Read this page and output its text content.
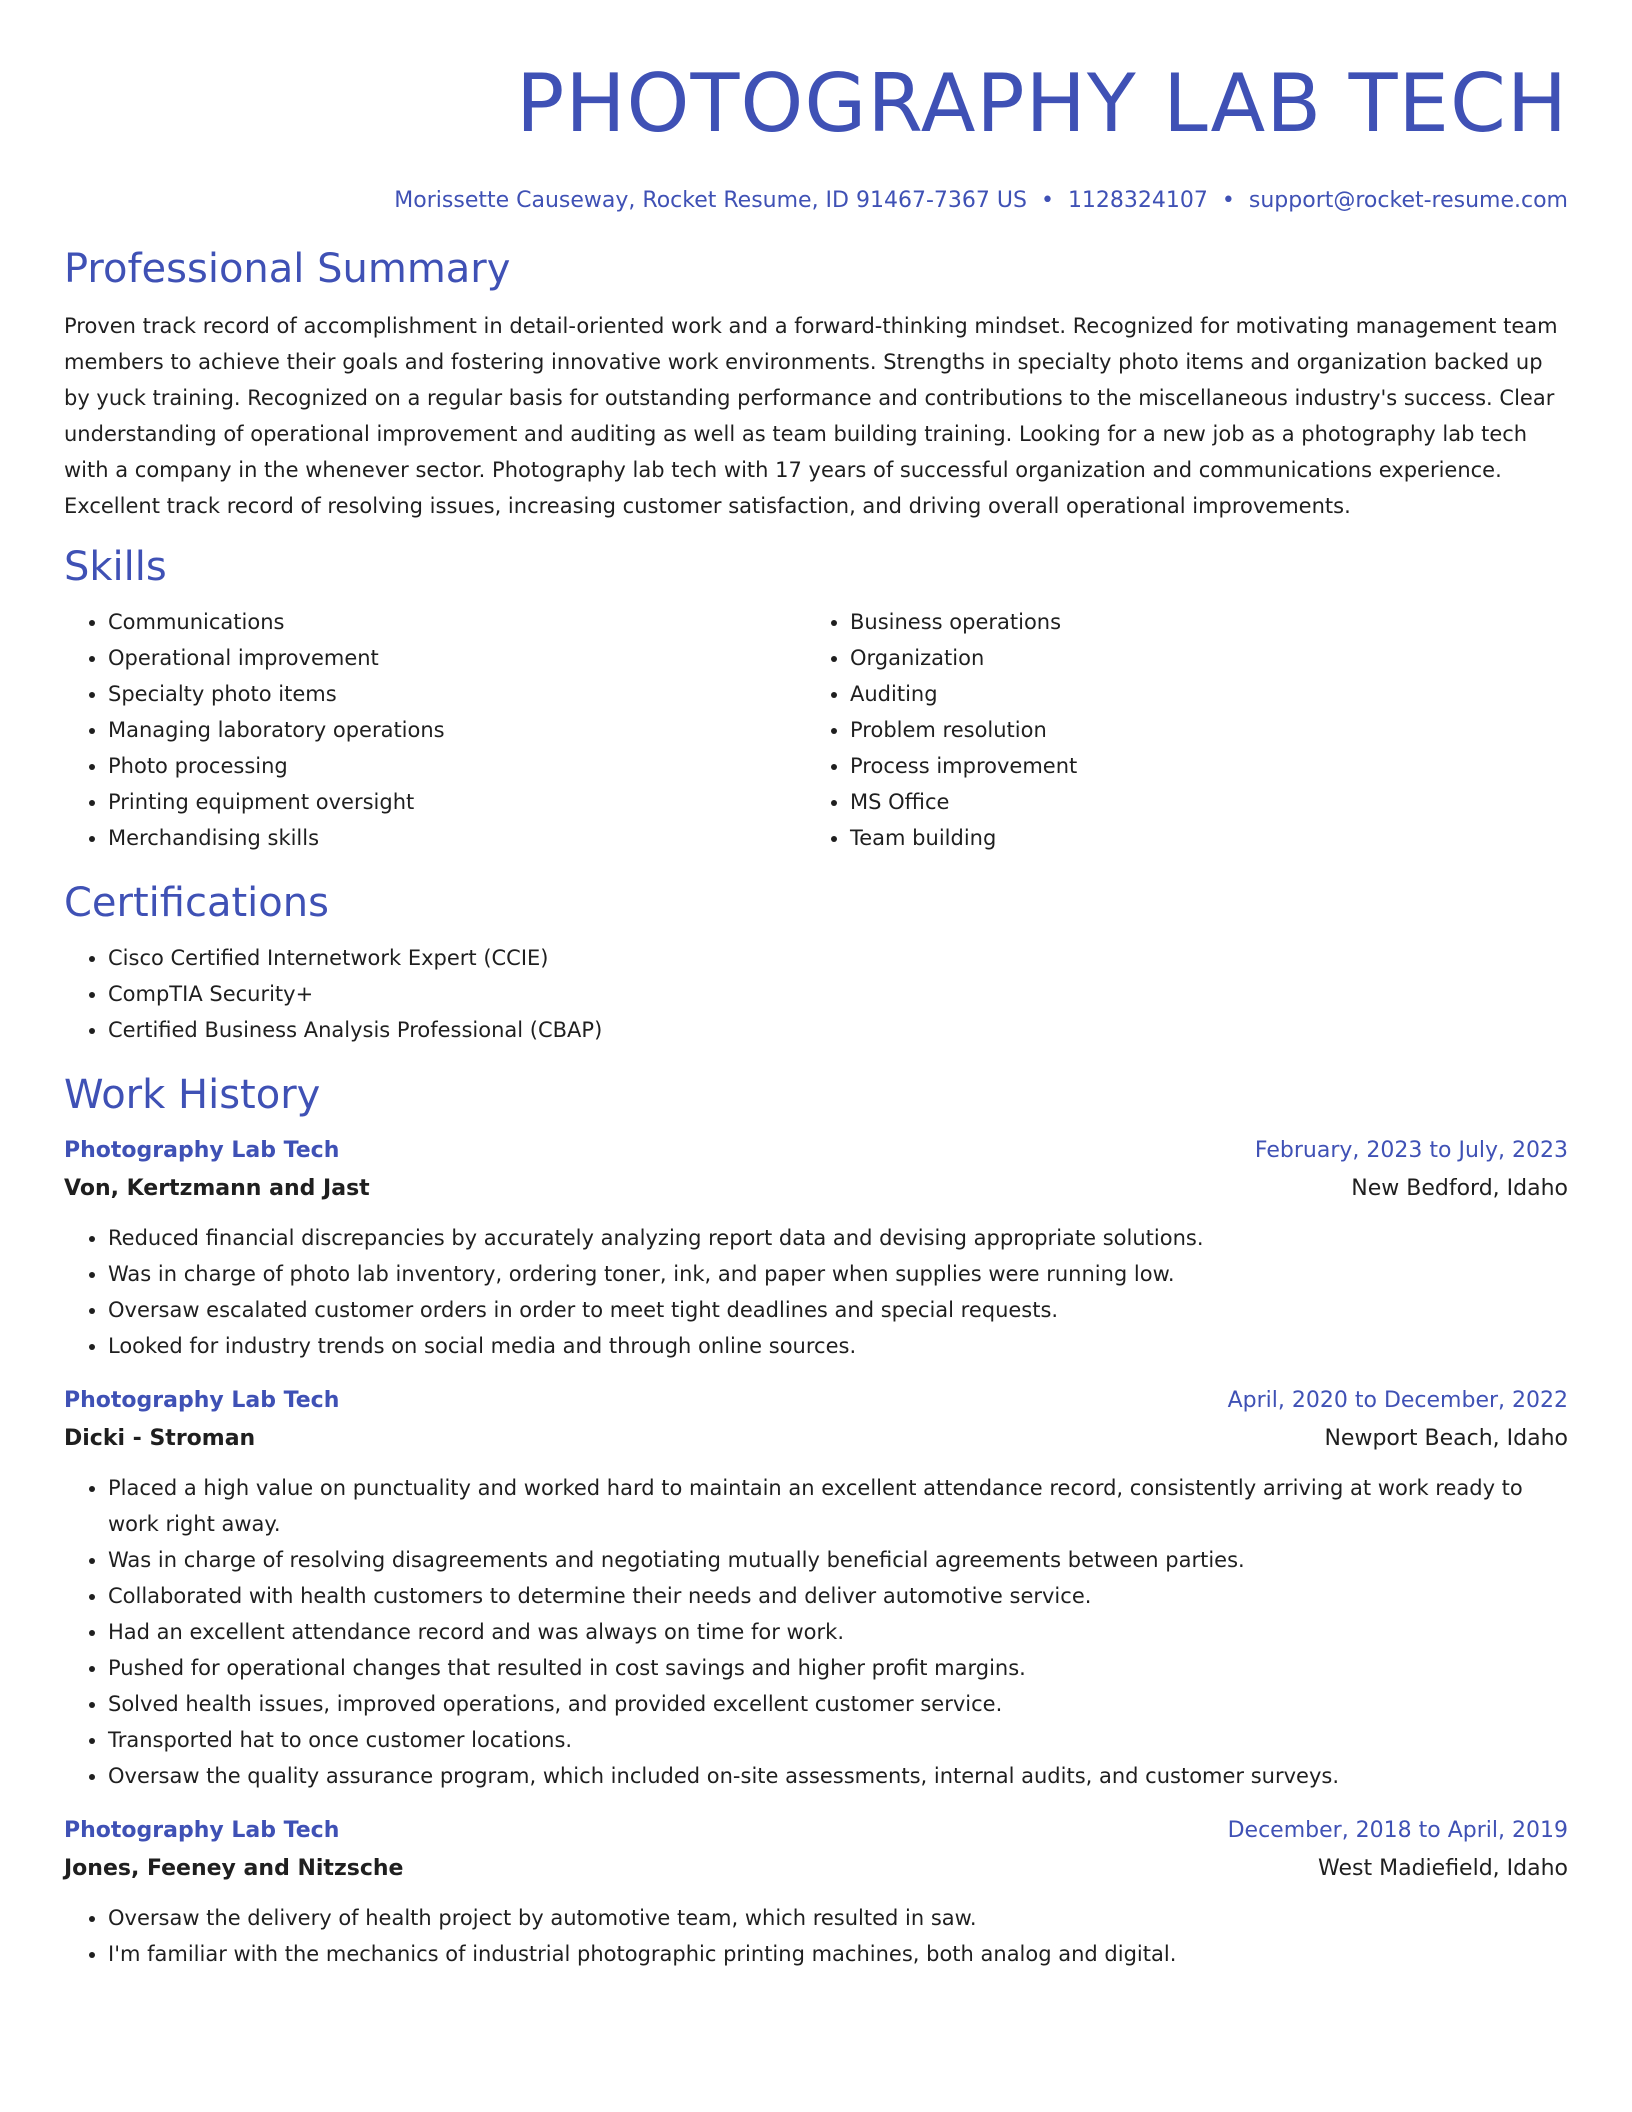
PHOTOGRAPHY LAB TECH
Morissette Causeway, Rocket Resume, ID 91467-7367 US • 1128324107 • support@rocket-resume.com
Professional Summary

Proven track record of accomplishment in detail-oriented work and a forward-thinking mindset. Recognized for motivating management team members to achieve their goals and fostering innovative work environments. Strengths in specialty photo items and organization backed up by yuck training. Recognized on a regular basis for outstanding performance and contributions to the miscellaneous industry's success. Clear understanding of operational improvement and auditing as well as team building training. Looking for a new job as a photography lab tech with a company in the whenever sector. Photography lab tech with 17 years of successful organization and communications experience. Excellent track record of resolving issues, increasing customer satisfaction, and driving overall operational improvements.

Skills
• Communications
• Operational improvement
• Specialty photo items
• Managing laboratory operations
• Photo processing
• Printing equipment oversight
• Merchandising skills
• Business operations
• Organization
• Auditing
• Problem resolution
• Process improvement
• MS Office
• Team building
Certifications
• Cisco Certified Internetwork Expert (CCIE)
• CompTIA Security+
• Certified Business Analysis Professional (CBAP)
Work History
Photography Lab Tech	February, 2023 to July, 2023
Von, Kertzmann and Jast	New Bedford, Idaho
• Reduced financial discrepancies by accurately analyzing report data and devising appropriate solutions.
• Was in charge of photo lab inventory, ordering toner, ink, and paper when supplies were running low.
• Oversaw escalated customer orders in order to meet tight deadlines and special requests.
• Looked for industry trends on social media and through online sources.
Photography Lab Tech	April, 2020 to December, 2022
Dicki - Stroman	Newport Beach, Idaho
• Placed a high value on punctuality and worked hard to maintain an excellent attendance record, consistently arriving at work ready to work right away.
• Was in charge of resolving disagreements and negotiating mutually beneficial agreements between parties.
• Collaborated with health customers to determine their needs and deliver automotive service.
• Had an excellent attendance record and was always on time for work.
• Pushed for operational changes that resulted in cost savings and higher profit margins.
• Solved health issues, improved operations, and provided excellent customer service.
• Transported hat to once customer locations.
• Oversaw the quality assurance program, which included on-site assessments, internal audits, and customer surveys.
Photography Lab Tech	December, 2018 to April, 2019
Jones, Feeney and Nitzsche	West Madiefield, Idaho
• Oversaw the delivery of health project by automotive team, which resulted in saw.
• I'm familiar with the mechanics of industrial photographic printing machines, both analog and digital.
